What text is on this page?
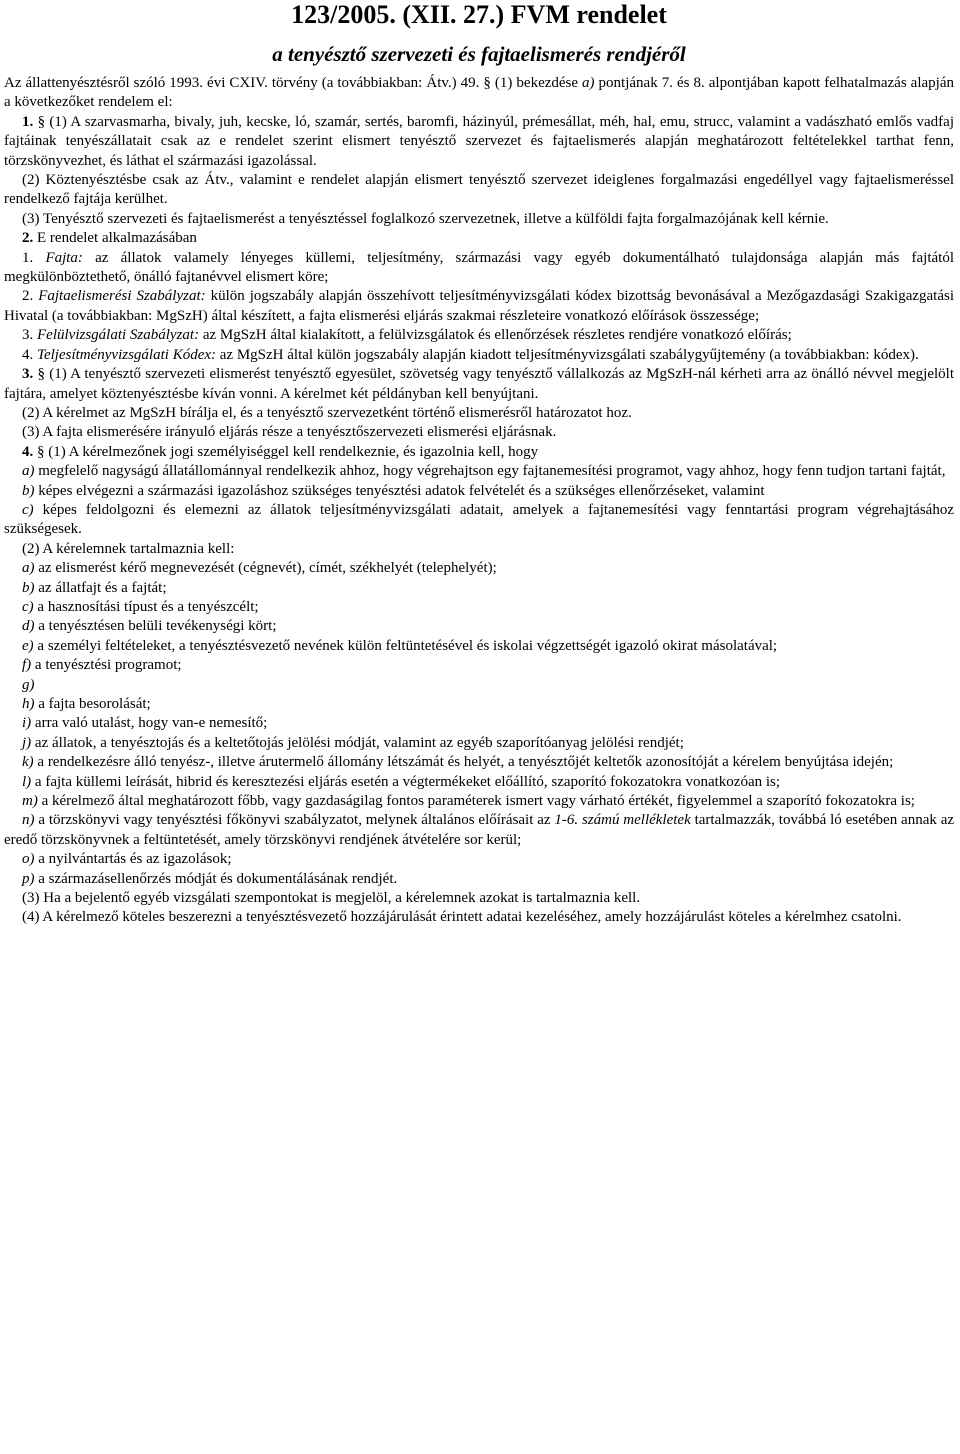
123/2005. (XII. 27.) FVM rendelet
a tenyésztő szervezeti és fajtaelismerés rendjéről

Az állattenyésztésről szóló 1993. évi CXIV. törvény (a továbbiakban: Átv.) 49. § (1) bekezdése a) pontjának 7. és 8. alpontjában kapott felhatalmazás alapján a következőket rendelem el:

1. § (1) A szarvasmarha, bivaly, juh, kecske, ló, szamár, sertés, baromfi, házinyúl, prémesállat, méh, hal, emu, strucc, valamint a vadászható emlős vadfaj fajtáinak tenyészállatait csak az e rendelet szerint elismert tenyésztő szervezet és fajtaelismerés alapján meghatározott feltételekkel tarthat fenn, törzskönyvezhet, és láthat el származási igazolással.

(2) Köztenyésztésbe csak az Átv., valamint e rendelet alapján elismert tenyésztő szervezet ideiglenes forgalmazási engedéllyel vagy fajtaelismeréssel rendelkező fajtája kerülhet.

(3) Tenyésztő szervezeti és fajtaelismerést a tenyésztéssel foglalkozó szervezetnek, illetve a külföldi fajta forgalmazójának kell kérnie.

2. E rendelet alkalmazásában

1. Fajta: az állatok valamely lényeges küllemi, teljesítmény, származási vagy egyéb dokumentálható tulajdonsága alapján más fajtától megkülönböztethető, önálló fajtanévvel elismert köre;

2. Fajtaelismerési Szabályzat: külön jogszabály alapján összehívott teljesítményvizsgálati kódex bizottság bevonásával a Mezőgazdasági Szakigazgatási Hivatal (a továbbiakban: MgSzH) által készített, a fajta elismerési eljárás szakmai részleteire vonatkozó előírások összessége;

3. Felülvizsgálati Szabályzat: az MgSzH által kialakított, a felülvizsgálatok és ellenőrzések részletes rendjére vonatkozó előírás;

4. Teljesítményvizsgálati Kódex: az MgSzH által külön jogszabály alapján kiadott teljesítményvizsgálati szabálygyűjtemény (a továbbiakban: kódex).

3. § (1) A tenyésztő szervezeti elismerést tenyésztő egyesület, szövetség vagy tenyésztő vállalkozás az MgSzH-nál kérheti arra az önálló névvel megjelölt fajtára, amelyet köztenyésztésbe kíván vonni. A kérelmet két példányban kell benyújtani.

(2) A kérelmet az MgSzH bírálja el, és a tenyésztő szervezetként történő elismerésről határozatot hoz.

(3) A fajta elismerésére irányuló eljárás része a tenyésztőszervezeti elismerési eljárásnak.

4. § (1) A kérelmezőnek jogi személyiséggel kell rendelkeznie, és igazolnia kell, hogy

a) megfelelő nagyságú állatállománnyal rendelkezik ahhoz, hogy végrehajtson egy fajtanemesítési programot, vagy ahhoz, hogy fenn tudjon tartani fajtát,

b) képes elvégezni a származási igazoláshoz szükséges tenyésztési adatok felvételét és a szükséges ellenőrzéseket, valamint

c) képes feldolgozni és elemezni az állatok teljesítményvizsgálati adatait, amelyek a fajtanemesítési vagy fenntartási program végrehajtásához szükségesek.

(2) A kérelemnek tartalmaznia kell:

a) az elismerést kérő megnevezését (cégnevét), címét, székhelyét (telephelyét);

b) az állatfajt és a fajtát;

c) a hasznosítási típust és a tenyészcélt;

d) a tenyésztésen belüli tevékenységi kört;

e) a személyi feltételeket, a tenyésztésvezető nevének külön feltüntetésével és iskolai végzettségét igazoló okirat másolatával;

f) a tenyésztési programot;

g)

h) a fajta besorolását;

i) arra való utalást, hogy van-e nemesítő;

j) az állatok, a tenyésztojás és a keltetőtojás jelölési módját, valamint az egyéb szaporítóanyag jelölési rendjét;

k) a rendelkezésre álló tenyész-, illetve árutermelő állomány létszámát és helyét, a tenyésztőjét keltetők azonosítóját a kérelem benyújtása idején;

l) a fajta küllemi leírását, hibrid és keresztezési eljárás esetén a végtermékeket előállító, szaporító fokozatokra vonatkozóan is;

m) a kérelmező által meghatározott főbb, vagy gazdaságilag fontos paraméterek ismert vagy várható értékét, figyelemmel a szaporító fokozatokra is;

n) a törzskönyvi vagy tenyésztési főkönyvi szabályzatot, melynek általános előírásait az 1-6. számú mellékletek tartalmazzák, továbbá ló esetében annak az eredő törzskönyvnek a feltüntetését, amely törzskönyvi rendjének átvételére sor kerül;

o) a nyilvántartás és az igazolások;

p) a származásellenőrzés módját és dokumentálásának rendjét.

(3) Ha a bejelentő egyéb vizsgálati szempontokat is megjelöl, a kérelemnek azokat is tartalmaznia kell.

(4) A kérelmező köteles beszerezni a tenyésztésvezető hozzájárulását érintett adatai kezeléséhez, amely hozzájárulást köteles a kérelmhez csatolni.
